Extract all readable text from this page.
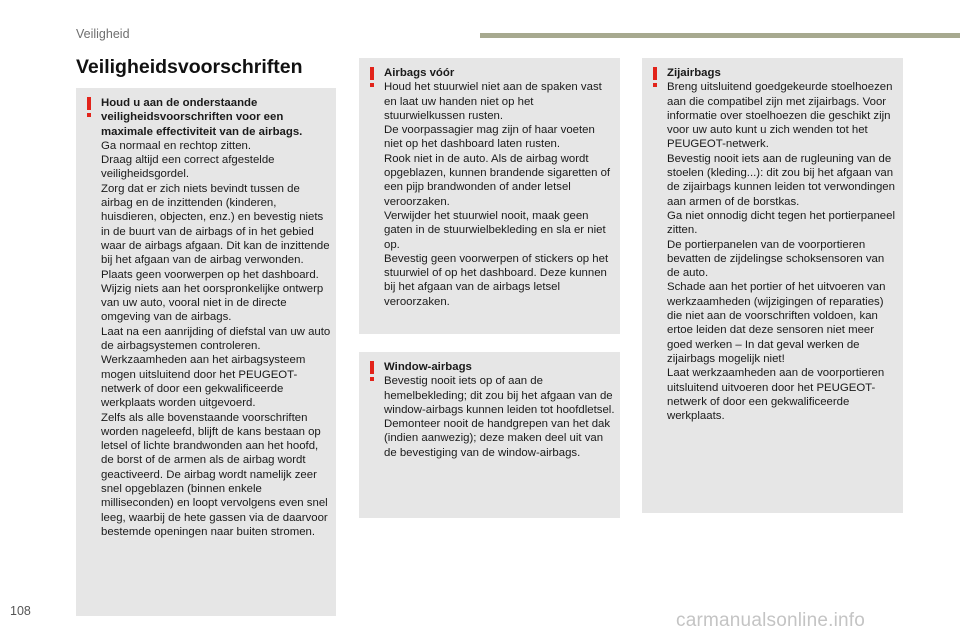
Veiligheid
Veiligheidsvoorschriften
Houd u aan de onderstaande veiligheidsvoorschriften voor een maximale effectiviteit van de airbags.
Ga normaal en rechtop zitten.
Draag altijd een correct afgestelde veiligheidsgordel.
Zorg dat er zich niets bevindt tussen de airbag en de inzittenden (kinderen, huisdieren, objecten, enz.) en bevestig niets in de buurt van de airbags of in het gebied waar de airbags afgaan. Dit kan de inzittende bij het afgaan van de airbag verwonden.
Plaats geen voorwerpen op het dashboard.
Wijzig niets aan het oorspronkelijke ontwerp van uw auto, vooral niet in de directe omgeving van de airbags.
Laat na een aanrijding of diefstal van uw auto de airbagsystemen controleren.
Werkzaamheden aan het airbagsysteem mogen uitsluitend door het PEUGEOT-netwerk of door een gekwalificeerde werkplaats worden uitgevoerd.
Zelfs als alle bovenstaande voorschriften worden nageleefd, blijft de kans bestaan op letsel of lichte brandwonden aan het hoofd, de borst of de armen als de airbag wordt geactiveerd. De airbag wordt namelijk zeer snel opgeblazen (binnen enkele milliseconden) en loopt vervolgens even snel leeg, waarbij de hete gassen via de daarvoor bestemde openingen naar buiten stromen.
Airbags vóór
Houd het stuurwiel niet aan de spaken vast en laat uw handen niet op het stuurwielkussen rusten.
De voorpassagier mag zijn of haar voeten niet op het dashboard laten rusten.
Rook niet in de auto. Als de airbag wordt opgeblazen, kunnen brandende sigaretten of een pijp brandwonden of ander letsel veroorzaken.
Verwijder het stuurwiel nooit, maak geen gaten in de stuurwielbekleding en sla er niet op.
Bevestig geen voorwerpen of stickers op het stuurwiel of op het dashboard. Deze kunnen bij het afgaan van de airbags letsel veroorzaken.
Window-airbags
Bevestig nooit iets op of aan de hemelbekleding; dit zou bij het afgaan van de window-airbags kunnen leiden tot hoofdletsel.
Demonteer nooit de handgrepen van het dak (indien aanwezig); deze maken deel uit van de bevestiging van de window-airbags.
Zijairbags
Breng uitsluitend goedgekeurde stoelhoezen aan die compatibel zijn met zijairbags. Voor informatie over stoelhoezen die geschikt zijn voor uw auto kunt u zich wenden tot het PEUGEOT-netwerk.
Bevestig nooit iets aan de rugleuning van de stoelen (kleding...): dit zou bij het afgaan van de zijairbags kunnen leiden tot verwondingen aan armen of de borstkas.
Ga niet onnodig dicht tegen het portierpaneel zitten.
De portierpanelen van de voorportieren bevatten de zijdelingse schoksensoren van de auto.
Schade aan het portier of het uitvoeren van werkzaamheden (wijzigingen of reparaties) die niet aan de voorschriften voldoen, kan ertoe leiden dat deze sensoren niet meer goed werken – In dat geval werken de zijairbags mogelijk niet!
Laat werkzaamheden aan de voorportieren uitsluitend uitvoeren door het PEUGEOT-netwerk of door een gekwalificeerde werkplaats.
108	carmanualsonline.info
